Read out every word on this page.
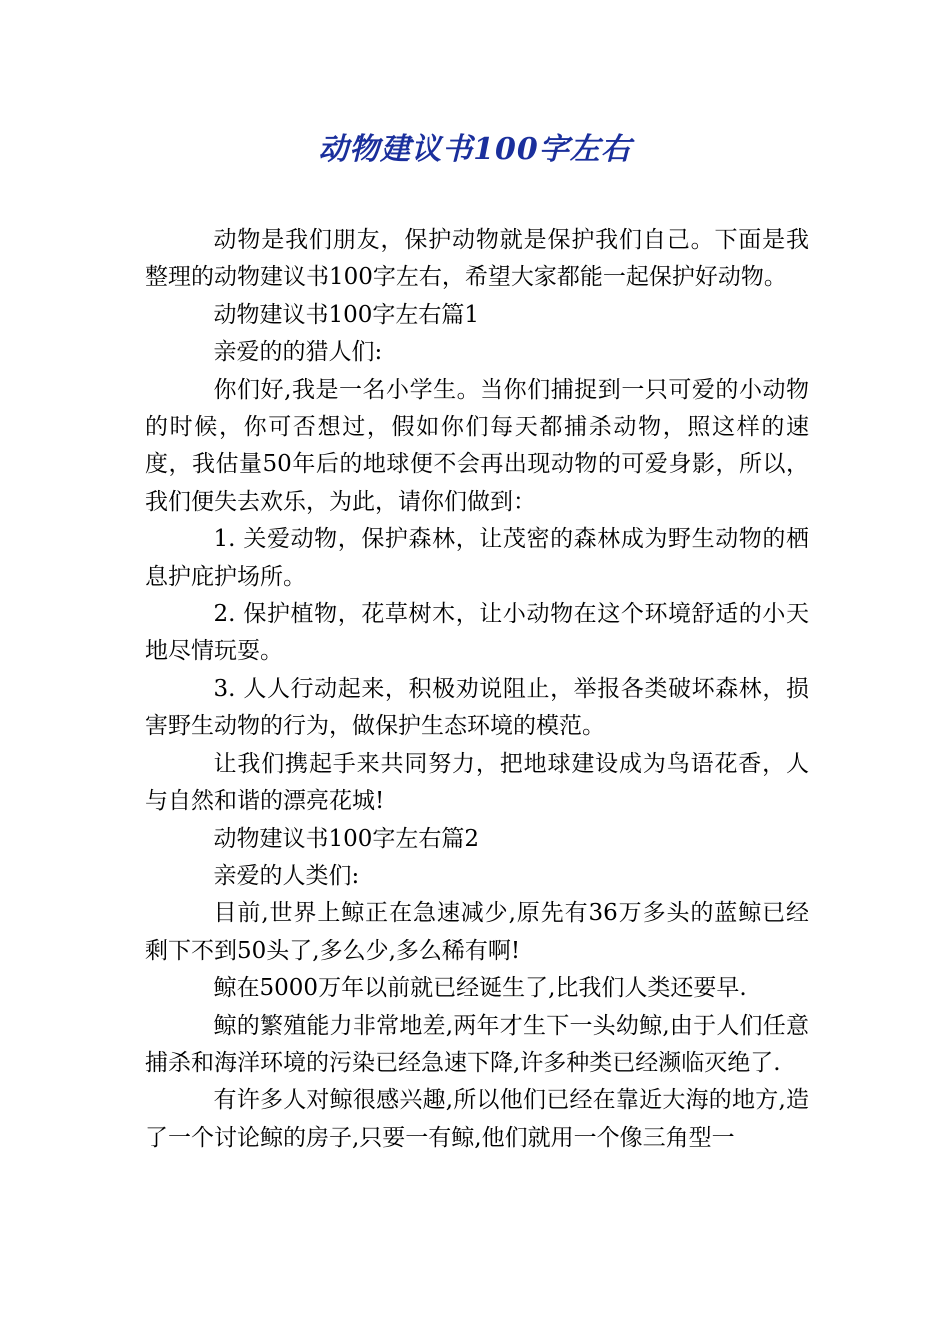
动物建议书100字左右

动物是我们朋友，保护动物就是保护我们自己。下面是我整理的动物建议书100字左右，希望大家都能一起保护好动物。

动物建议书100字左右篇1

亲爱的的猎人们:

你们好,我是一名小学生。当你们捕捉到一只可爱的小动物的时候，你可否想过，假如你们每天都捕杀动物，照这样的速度，我估量50年后的地球便不会再出现动物的可爱身影，所以，我们便失去欢乐，为此，请你们做到：

1. 关爱动物，保护森林，让茂密的森林成为野生动物的栖息护庇护场所。

2. 保护植物，花草树木，让小动物在这个环境舒适的小天地尽情玩耍。

3. 人人行动起来，积极劝说阻止，举报各类破坏森林，损害野生动物的行为，做保护生态环境的模范。

让我们携起手来共同努力，把地球建设成为鸟语花香，人与自然和谐的漂亮花城!

动物建议书100字左右篇2

亲爱的人类们:

目前,世界上鲸正在急速减少,原先有36万多头的蓝鲸已经剩下不到50头了,多么少,多么稀有啊!

鲸在5000万年以前就已经诞生了,比我们人类还要早.

鲸的繁殖能力非常地差,两年才生下一头幼鲸,由于人们任意捕杀和海洋环境的污染已经急速下降,许多种类已经濒临灭绝了.

有许多人对鲸很感兴趣,所以他们已经在靠近大海的地方,造了一个讨论鲸的房子,只要一有鲸,他们就用一个像三角型一
